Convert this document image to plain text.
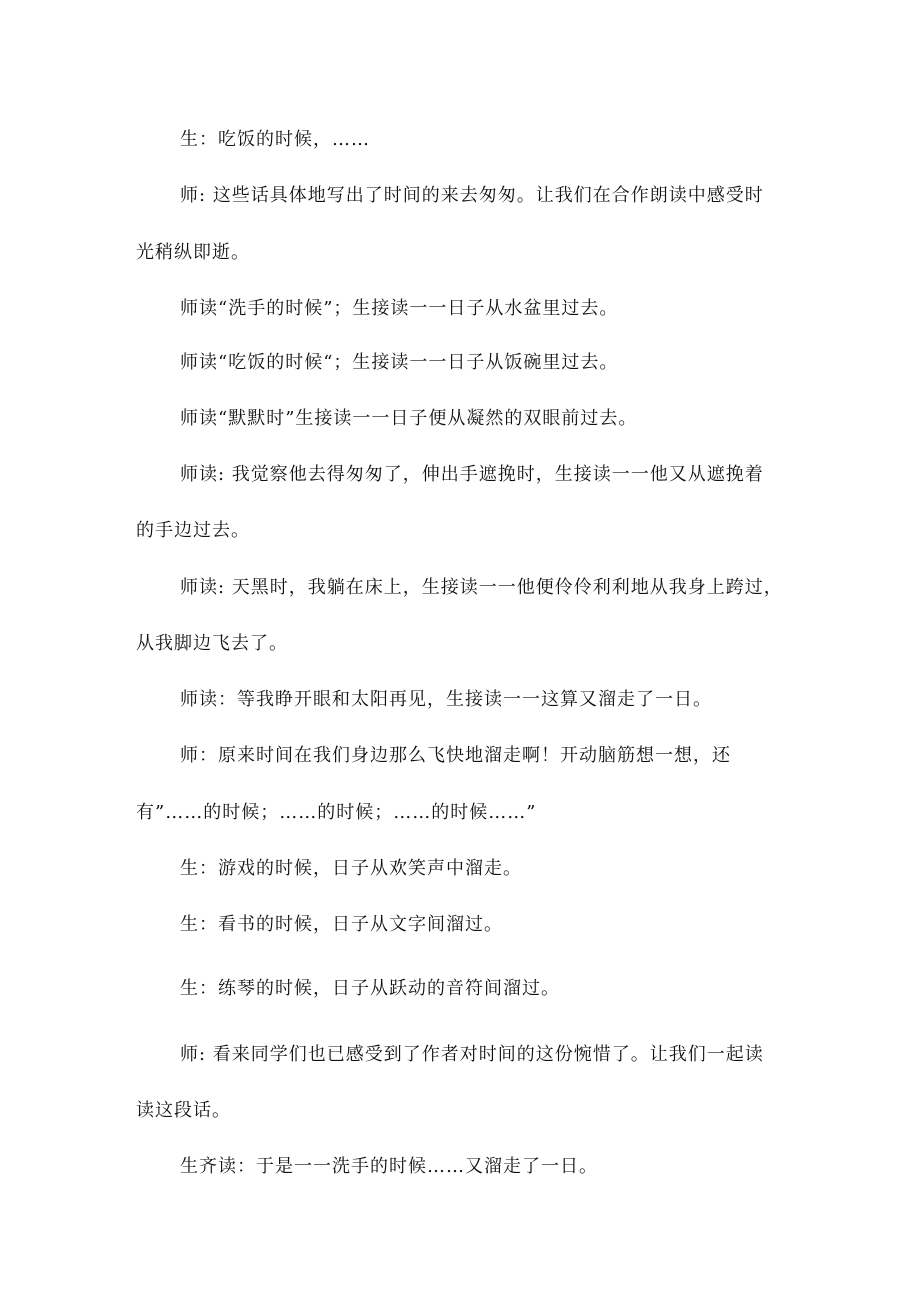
生：吃饭的时候，……
师: 这些话具体地写出了时间的来去匆匆。让我们在合作朗读中感受时
光稍纵即逝。
师读“洗手的时候”；生接读一一日子从水盆里过去。
师读“吃饭的时候“；生接读一一日子从饭碗里过去。
师读“默默时”生接读一一日子便从凝然的双眼前过去。
师读: 我觉察他去得匆匆了，伸出手遮挽时，生接读一一他又从遮挽着
的手边过去。
师读: 天黑时，我躺在床上，生接读一一他便伶伶利利地从我身上跨过，
从我脚边飞去了。
师读：等我睁开眼和太阳再见，生接读一一这算又溜走了一日。
师：原来时间在我们身边那么飞快地溜走啊！开动脑筋想一想，还
有”……的时候；……的时候；……的时候……”
生：游戏的时候，日子从欢笑声中溜走。
生：看书的时候，日子从文字间溜过。
生：练琴的时候，日子从跃动的音符间溜过。
师: 看来同学们也已感受到了作者对时间的这份惋惜了。让我们一起读
读这段话。
生齐读：于是一一洗手的时候……又溜走了一日。
